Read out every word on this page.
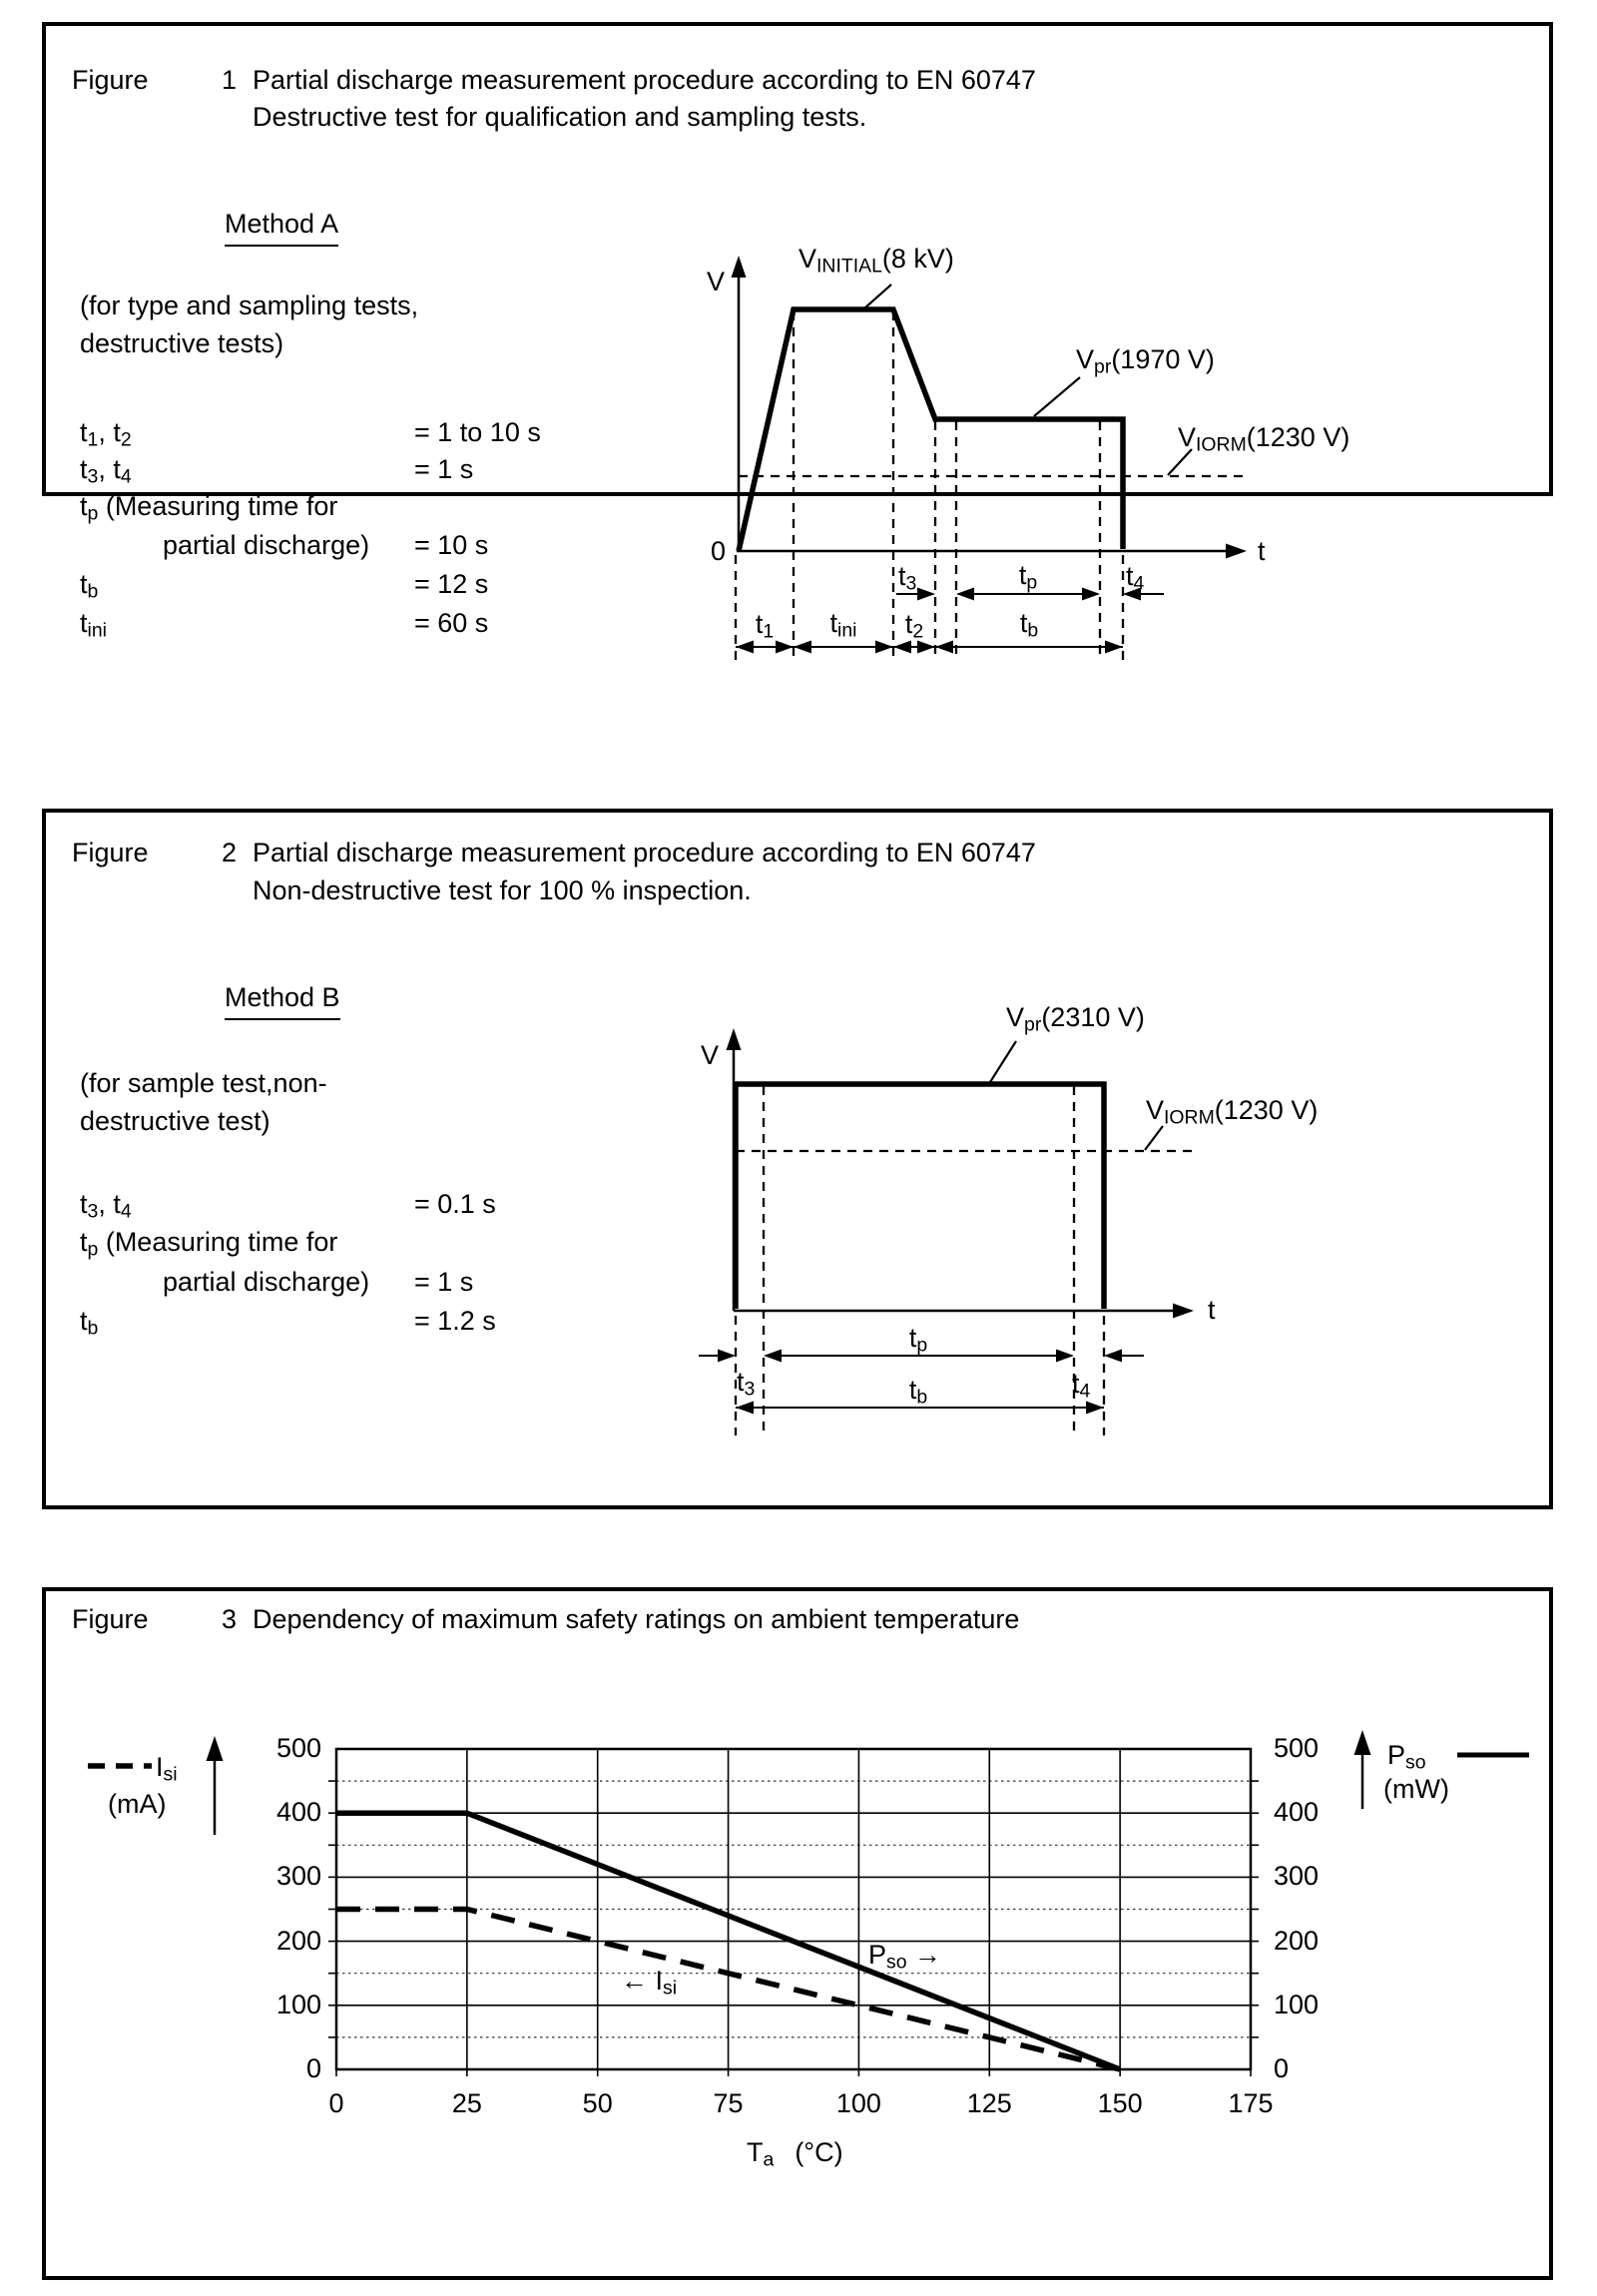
Figure	1 Partial discharge measurement procedure according to EN 60747
Destructive test for qualification and sampling tests.
Method A
(for type and sampling tests,
destructive tests)
$t_1$, $t_2$	= 1 to 10 s
$t_3$, $t_4$	= 1 s
$t_p$ (Measuring time for
partial discharge) = 10 s
$t_b$	= 12 s
$t_{ini}$	= 60 s
V
0	t
$V_{INITIAL}(8$ kV)
$V_{pr}(1970$ V)
$V_{IORM}(1230$ V)
$t_3$	$t_p$	$t_4$
$t_1$	$t_{ini}$	$t_2$	$t_b$
Figure	2 Partial discharge measurement procedure according to EN 60747
Non-destructive test for 100 % inspection.
Method B
(for sample test,non-
destructive test)
$t_3$, $t_4$	= 0.1 s
$t_p$ (Measuring time for
partial discharge) = 1 s
$t_b$	= 1.2 s
V
t
$V_{pr}(2310$ V)
$V_{IORM}(1230$ V)
$t_p$
$t_3$	$t_b$	$t_4$
Figure	3 Dependency of maximum safety ratings on ambient temperature
$I_{si}$
(mA)
$P_{so}$
(mW)
← $I_{si}$
$P_{so}$ →
$T_a$  (°C)
0
100
200
300
400
500
0
100
200
300
400
500
0	25	50	75	100	125	150	175
